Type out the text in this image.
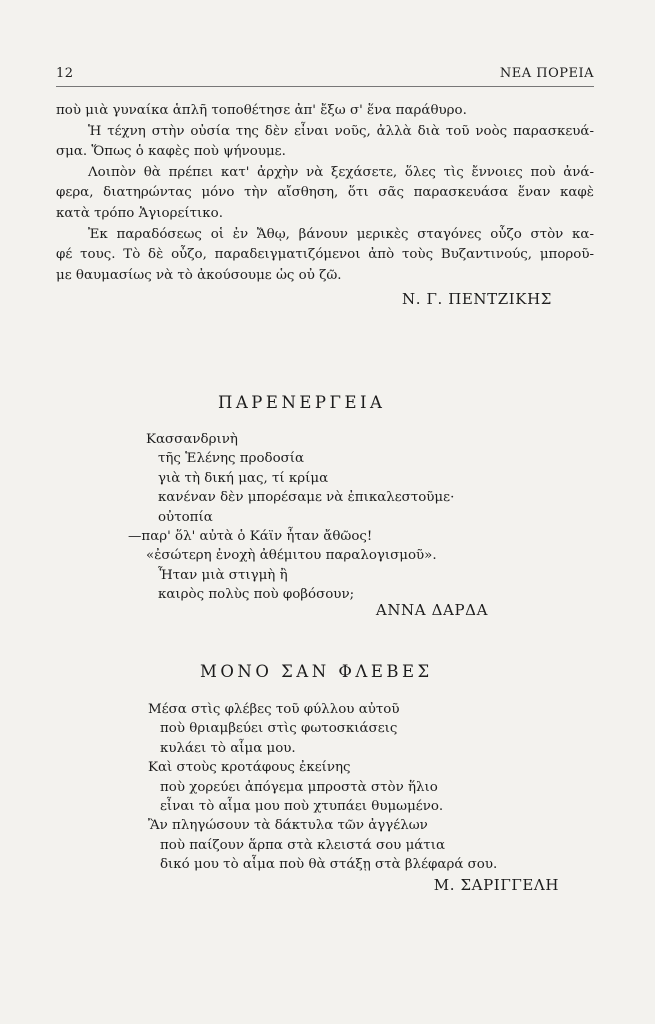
12	ΝΕΑ ΠΟΡΕΙΑ
ποὺ μιὰ γυναίκα ἁπλῆ τοποθέτησε ἀπ' ἔξω σ' ἕνα παράθυρο.
Ἡ τέχνη στὴν οὐσία της δὲν εἶναι νοῦς, ἀλλὰ διὰ τοῦ νοὸς παρασκευά-
σμα. Ὅπως ὁ καφὲς ποὺ ψήνουμε.
Λοιπὸν θὰ πρέπει κατ' ἀρχὴν νὰ ξεχάσετε, ὅλες τὶς ἔννοιες ποὺ ἀνά-
φερα, διατηρώντας μόνο τὴν αἴσθηση, ὅτι σᾶς παρασκευάσα ἕναν καφὲ
κατὰ τρόπο Ἁγιορείτικο.
Ἐκ παραδόσεως οἱ ἐν Ἄθῳ, βάνουν μερικὲς σταγόνες οὖζο στὸν κα-
φέ τους. Τὸ δὲ οὖζο, παραδειγματιζόμενοι ἀπὸ τοὺς Βυζαντινούς, μποροῦ-
με θαυμασίως νὰ τὸ ἀκούσουμε ὡς οὐ ζῶ.
Ν. Γ. ΠΕΝΤΖΙΚΗΣ
ΠΑΡΕΝΕΡΓΕΙΑ
Κασσανδρινὴ
τῆς Ἑλένης προδοσία
γιὰ τὴ δική μας, τί κρίμα
κανέναν δὲν μπορέσαμε νὰ ἐπικαλεστοῦμε·
οὐτοπία
—παρ' ὅλ' αὐτὰ ὁ Κάϊν ἦταν ἄθῶος!
«ἐσώτερη ἐνοχὴ ἀθέμιτου παραλογισμοῦ».
Ἦταν μιὰ στιγμὴ ἢ
καιρὸς πολὺς ποὺ φοβόσουν;
ΑΝΝΑ ΔΑΡΔΑ
ΜΟΝΟ ΣΑΝ ΦΛΕΒΕΣ
Μέσα στὶς φλέβες τοῦ φύλλου αὐτοῦ
ποὺ θριαμβεύει στὶς φωτοσκιάσεις
κυλάει τὸ αἷμα μου.
Καὶ στοὺς κροτάφους ἐκείνης
ποὺ χορεύει ἀπόγεμα μπροστὰ στὸν ἥλιο
εἶναι τὸ αἷμα μου ποὺ χτυπάει θυμωμένο.
Ἂν πληγώσουν τὰ δάκτυλα τῶν ἀγγέλων
ποὺ παίζουν ἅρπα στὰ κλειστά σου μάτια
δικό μου τὸ αἷμα ποὺ θὰ στάξῃ στὰ βλέφαρά σου.
Μ. ΣΑΡΙΓΓΕΛΗ
